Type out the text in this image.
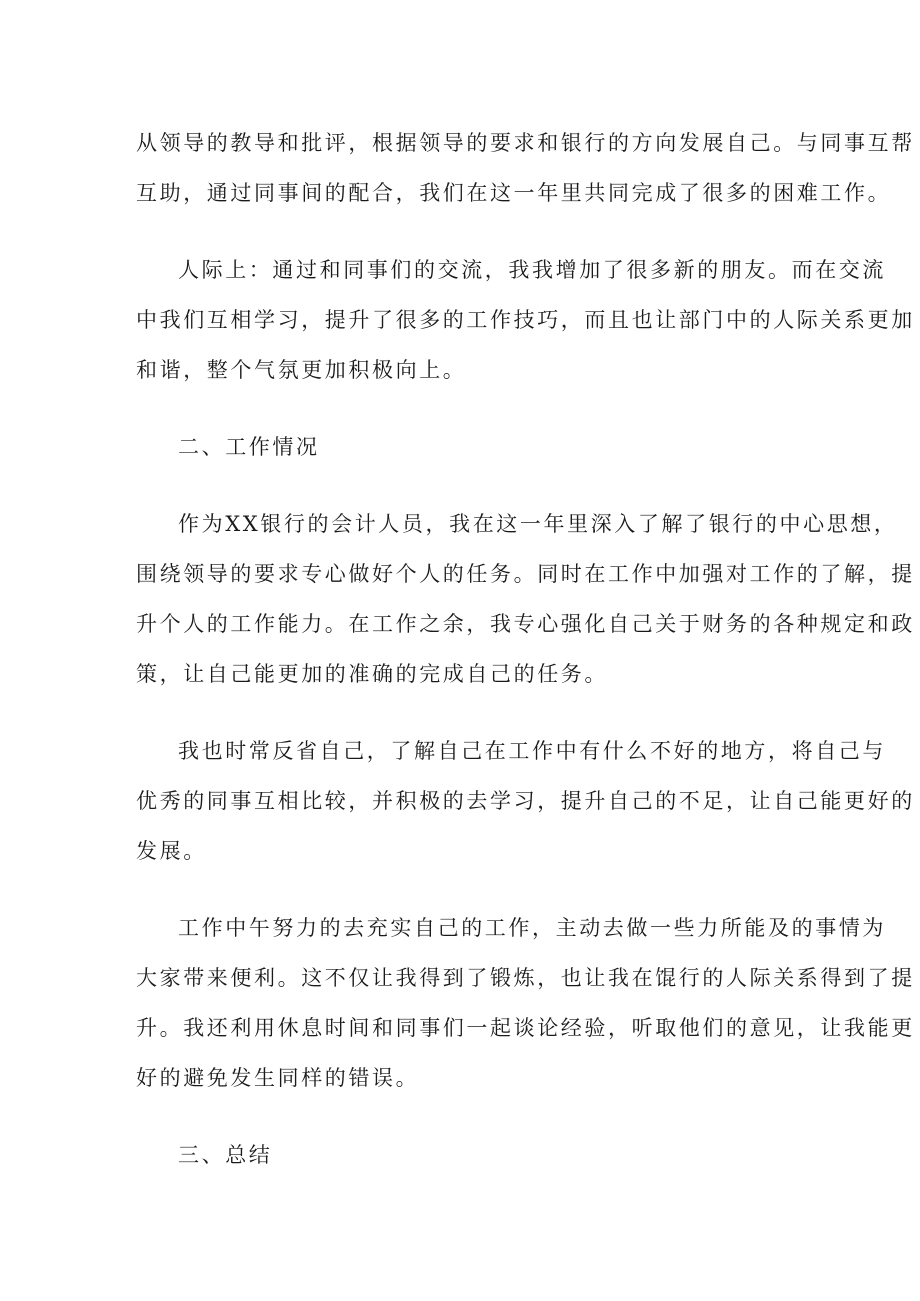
从领导的教导和批评，根据领导的要求和银行的方向发展自己。与同事互帮

互助，通过同事间的配合，我们在这一年里共同完成了很多的困难工作。

人际上：通过和同事们的交流，我我增加了很多新的朋友。而在交流

中我们互相学习，提升了很多的工作技巧，而且也让部门中的人际关系更加

和谐，整个气氛更加积极向上。

二、工作情况

作为XX银行的会计人员，我在这一年里深入了解了银行的中心思想，

围绕领导的要求专心做好个人的任务。同时在工作中加强对工作的了解，提

升个人的工作能力。在工作之余，我专心强化自己关于财务的各种规定和政

策，让自己能更加的准确的完成自己的任务。

我也时常反省自己，了解自己在工作中有什么不好的地方，将自己与

优秀的同事互相比较，并积极的去学习，提升自己的不足，让自己能更好的

发展。

工作中午努力的去充实自己的工作，主动去做一些力所能及的事情为

大家带来便利。这不仅让我得到了锻炼，也让我在馄行的人际关系得到了提

升。我还利用休息时间和同事们一起谈论经验，听取他们的意见，让我能更

好的避免发生同样的错误。

三、总结
